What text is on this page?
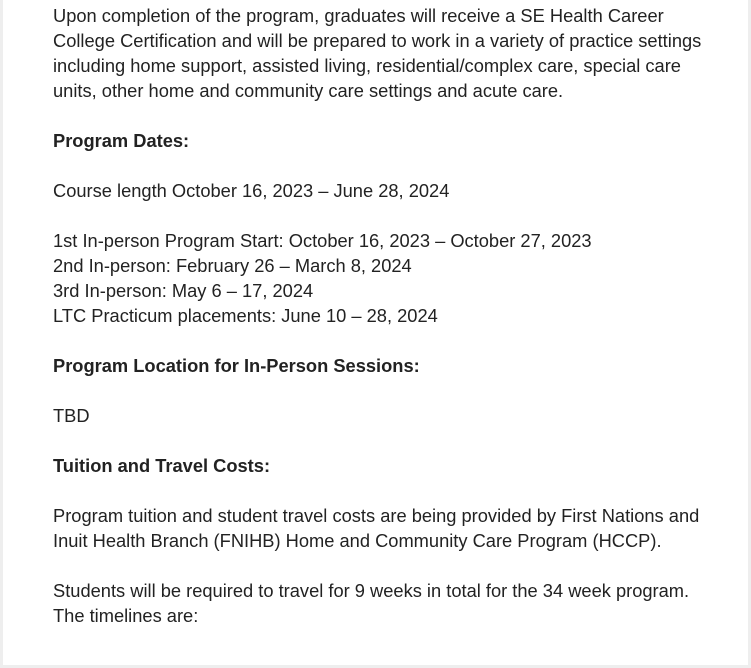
Upon completion of the program, graduates will receive a SE Health Career College Certification and will be prepared to work in a variety of practice settings including home support, assisted living, residential/complex care, special care units, other home and community care settings and acute care.

Program Dates:

Course length October 16, 2023 – June 28, 2024

1st In-person Program Start: October 16, 2023 – October 27, 2023
2nd In-person: February 26 – March 8, 2024
3rd In-person: May 6 – 17, 2024
LTC Practicum placements: June 10 – 28, 2024

Program Location for In-Person Sessions:

TBD

Tuition and Travel Costs:

Program tuition and student travel costs are being provided by First Nations and Inuit Health Branch (FNIHB) Home and Community Care Program (HCCP).

Students will be required to travel for 9 weeks in total for the 34 week program. The timelines are:
